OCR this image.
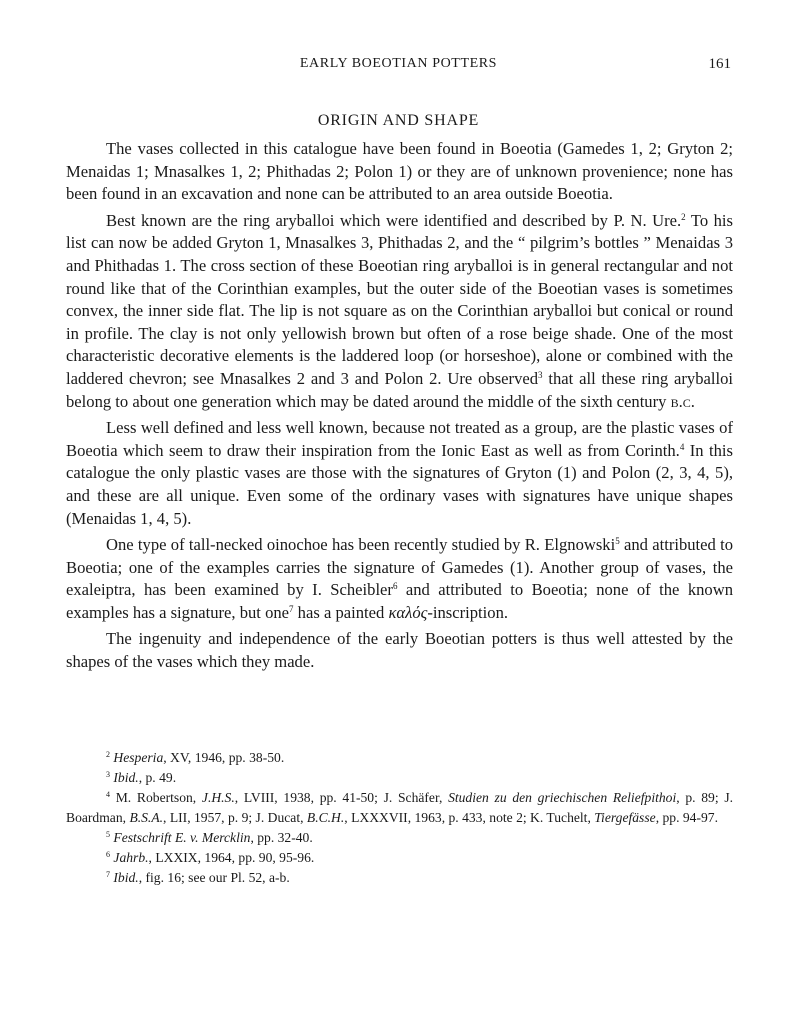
EARLY BOEOTIAN POTTERS	161
ORIGIN AND SHAPE

The vases collected in this catalogue have been found in Boeotia (Gamedes 1, 2; Gryton 2; Menaidas 1; Mnasalkes 1, 2; Phithadas 2; Polon 1) or they are of unknown provenience; none has been found in an excavation and none can be attributed to an area outside Boeotia.

Best known are the ring aryballoi which were identified and described by P. N. Ure.$^2$ To his list can now be added Gryton 1, Mnasalkes 3, Phithadas 2, and the “ pilgrim’s bottles ” Menaidas 3 and Phithadas 1. The cross section of these Boeotian ring aryballoi is in general rectangular and not round like that of the Corinthian examples, but the outer side of the Boeotian vases is sometimes convex, the inner side flat. The lip is not square as on the Corinthian aryballoi but conical or round in profile. The clay is not only yellowish brown but often of a rose beige shade. One of the most characteristic decorative elements is the laddered loop (or horseshoe), alone or combined with the laddered chevron; see Mnasalkes 2 and 3 and Polon 2. Ure observed$^3$ that all these ring aryballoi belong to about one generation which may be dated around the middle of the sixth century b.c.

Less well defined and less well known, because not treated as a group, are the plastic vases of Boeotia which seem to draw their inspiration from the Ionic East as well as from Corinth.$^4$ In this catalogue the only plastic vases are those with the signatures of Gryton (1) and Polon (2, 3, 4, 5), and these are all unique. Even some of the ordinary vases with signatures have unique shapes (Menaidas 1, 4, 5).

One type of tall-necked oinochoe has been recently studied by R. Elgnowski$^5$ and attributed to Boeotia; one of the examples carries the signature of Gamedes (1). Another group of vases, the exaleiptra, has been examined by I. Scheibler$^6$ and attributed to Boeotia; none of the known examples has a signature, but one$^7$ has a painted καλός-inscription.

The ingenuity and independence of the early Boeotian potters is thus well attested by the shapes of the vases which they made.

$^2$ Hesperia, XV, 1946, pp. 38-50.
$^3$ Ibid., p. 49.
$^4$ M. Robertson, J.H.S., LVIII, 1938, pp. 41-50; J. Schäfer, Studien zu den griechischen Reliefpithoi, p. 89; J. Boardman, B.S.A., LII, 1957, p. 9; J. Ducat, B.C.H., LXXXVII, 1963, p. 433, note 2; K. Tuchelt, Tiergefässe, pp. 94-97.
$^5$ Festschrift E. v. Mercklin, pp. 32-40.
$^6$ Jahrb., LXXIX, 1964, pp. 90, 95-96.
$^7$ Ibid., fig. 16; see our Pl. 52, a-b.
